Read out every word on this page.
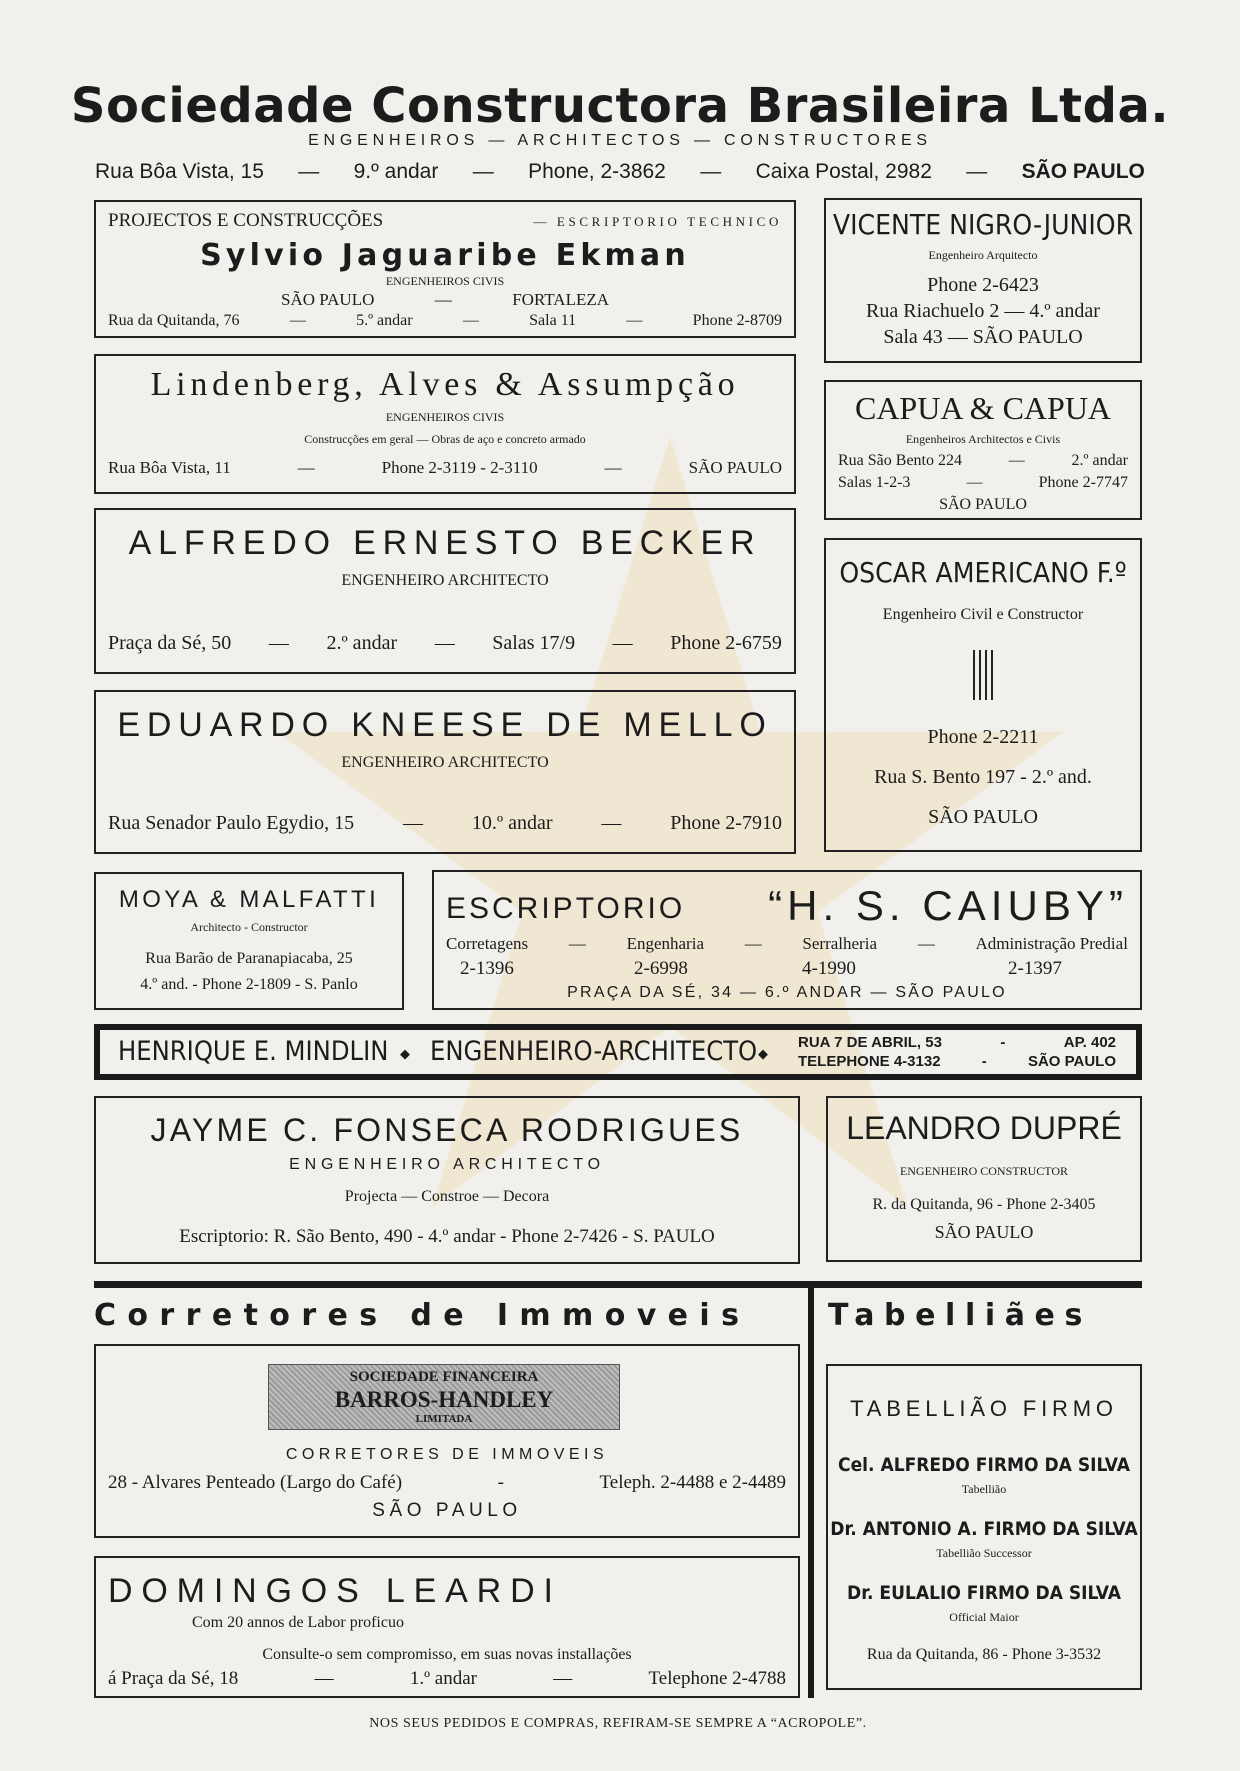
Sociedade Constructora Brasileira Ltda.
ENGENHEIROS — ARCHITECTOS — CONSTRUCTORES
Rua Bôa Vista, 15 — 9.º andar — Phone, 2-3862 — Caixa Postal, 2982 — SÃO PAULO
PROJECTOS E CONSTRUCÇÕES	— ESCRIPTORIO TECHNICO
Sylvio Jaguaribe Ekman
ENGENHEIROS CIVIS
SÃO PAULO	—	FORTALEZA
Rua da Quitanda, 76	—	5.º andar	—	Sala 11	—	Phone 2-8709
VICENTE NIGRO-JUNIOR
Engenheiro Arquitecto
Phone 2-6423
Rua Riachuelo 2 — 4.º andar
Sala 43 — SÃO PAULO
Lindenberg, Alves & Assumpção
ENGENHEIROS CIVIS
Construcções em geral — Obras de aço e concreto armado
Rua Bôa Vista, 11	—	Phone 2-3119 - 2-3110	—	SÃO PAULO
CAPUA & CAPUA
Engenheiros Architectos e Civis
Rua São Bento 224	—	2.º andar
Salas 1-2-3	—	Phone 2-7747
SÃO PAULO
ALFREDO ERNESTO BECKER
ENGENHEIRO ARCHITECTO
Praça da Sé, 50 — 2.º andar — Salas 17/9 — Phone 2-6759
OSCAR AMERICANO F.º
Engenheiro Civil e Constructor
Phone 2-2211
Rua S. Bento 197 - 2.º and.
SÃO PAULO
EDUARDO KNEESE DE MELLO
ENGENHEIRO ARCHITECTO
Rua Senador Paulo Egydio, 15 — 10.º andar — Phone 2-7910
MOYA & MALFATTI
Architecto - Constructor
Rua Barão de Paranapiacaba, 25
4.º and. - Phone 2-1809 - S. Panlo
ESCRIPTORIO “H. S. CAIUBY”
Corretagens — Engenharia — Serralheria — Administração Predial
2-1396	2-6998	4-1990	2-1397
PRAÇA DA SÉ, 34 — 6.º ANDAR — SÃO PAULO
HENRIQUE E. MINDLIN ◆ ENGENHEIRO-ARCHITECTO ◆
RUA 7 DE ABRIL, 53	-	AP. 402
TELEPHONE 4-3132	-	SÃO PAULO
JAYME C. FONSECA RODRIGUES
ENGENHEIRO ARCHITECTO
Projecta — Constroe — Decora
Escriptorio: R. São Bento, 490 - 4.º andar - Phone 2-7426 - S. PAULO
LEANDRO DUPRÉ
ENGENHEIRO CONSTRUCTOR
R. da Quitanda, 96 - Phone 2-3405
SÃO PAULO
Corretores de Immoveis	Tabelliães
SOCIEDADE FINANCEIRA
BARROS-HANDLEY
LIMITADA
CORRETORES DE IMMOVEIS
28 - Alvares Penteado (Largo do Café)	-	Teleph. 2-4488 e 2-4489
SÃO PAULO
DOMINGOS LEARDI
Com 20 annos de Labor proficuo
Consulte-o sem compromisso, em suas novas installações
á Praça da Sé, 18	—	1.º andar	—	Telephone 2-4788
TABELLIÃO FIRMO
Cel. ALFREDO FIRMO DA SILVA
Tabellião
Dr. ANTONIO A. FIRMO DA SILVA
Tabellião Successor
Dr. EULALIO FIRMO DA SILVA
Official Maior
Rua da Quitanda, 86 - Phone 3-3532
NOS SEUS PEDIDOS E COMPRAS, REFIRAM-SE SEMPRE A “ACROPOLE”.
